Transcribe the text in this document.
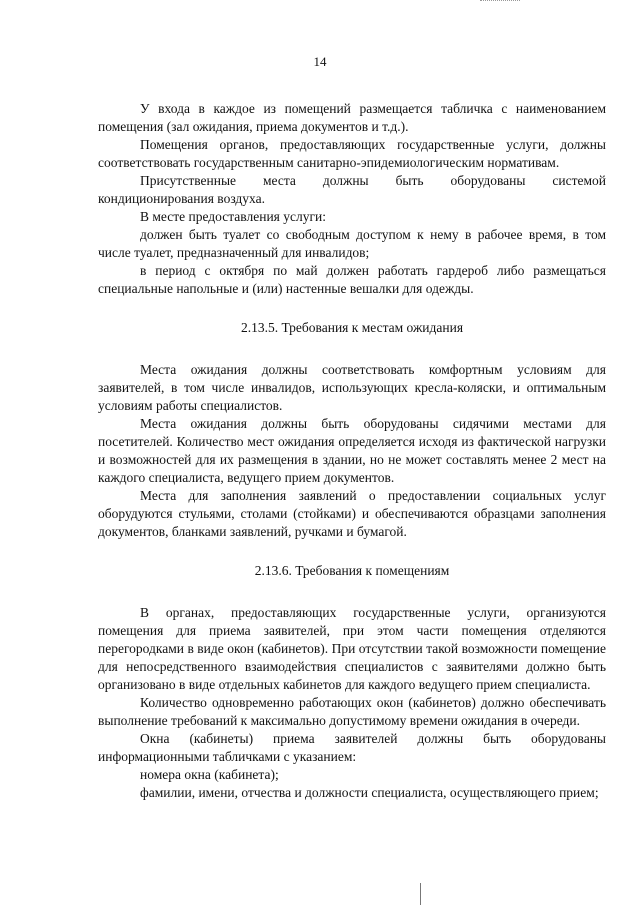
14

У входа в каждое из помещений размещается табличка с наименованием помещения (зал ожидания, приема документов и т.д.).

Помещения органов, предоставляющих государственные услуги, должны соответствовать государственным санитарно-эпидемиологическим нормативам.

Присутственные места должны быть оборудованы системой кондиционирования воздуха.

В месте предоставления услуги:

должен быть туалет со свободным доступом к нему в рабочее время, в том числе туалет, предназначенный для инвалидов;

в период с октября по май должен работать гардероб либо размещаться специальные напольные и (или) настенные вешалки для одежды.

2.13.5. Требования к местам ожидания

Места ожидания должны соответствовать комфортным условиям для заявителей, в том числе инвалидов, использующих кресла-коляски, и оптимальным условиям работы специалистов.

Места ожидания должны быть оборудованы сидячими местами для посетителей. Количество мест ожидания определяется исходя из фактической нагрузки и возможностей для их размещения в здании, но не может составлять менее 2 мест на каждого специалиста, ведущего прием документов.

Места для заполнения заявлений о предоставлении социальных услуг оборудуются стульями, столами (стойками) и обеспечиваются образцами заполнения документов, бланками заявлений, ручками и бумагой.

2.13.6. Требования к помещениям

В органах, предоставляющих государственные услуги, организуются помещения для приема заявителей, при этом части помещения отделяются перегородками в виде окон (кабинетов). При отсутствии такой возможности помещение для непосредственного взаимодействия специалистов с заявителями должно быть организовано в виде отдельных кабинетов для каждого ведущего прием специалиста.

Количество одновременно работающих окон (кабинетов) должно обеспечивать выполнение требований к максимально допустимому времени ожидания в очереди.

Окна (кабинеты) приема заявителей должны быть оборудованы информационными табличками с указанием:

номера окна (кабинета);

фамилии, имени, отчества и должности специалиста, осуществляющего прием;
